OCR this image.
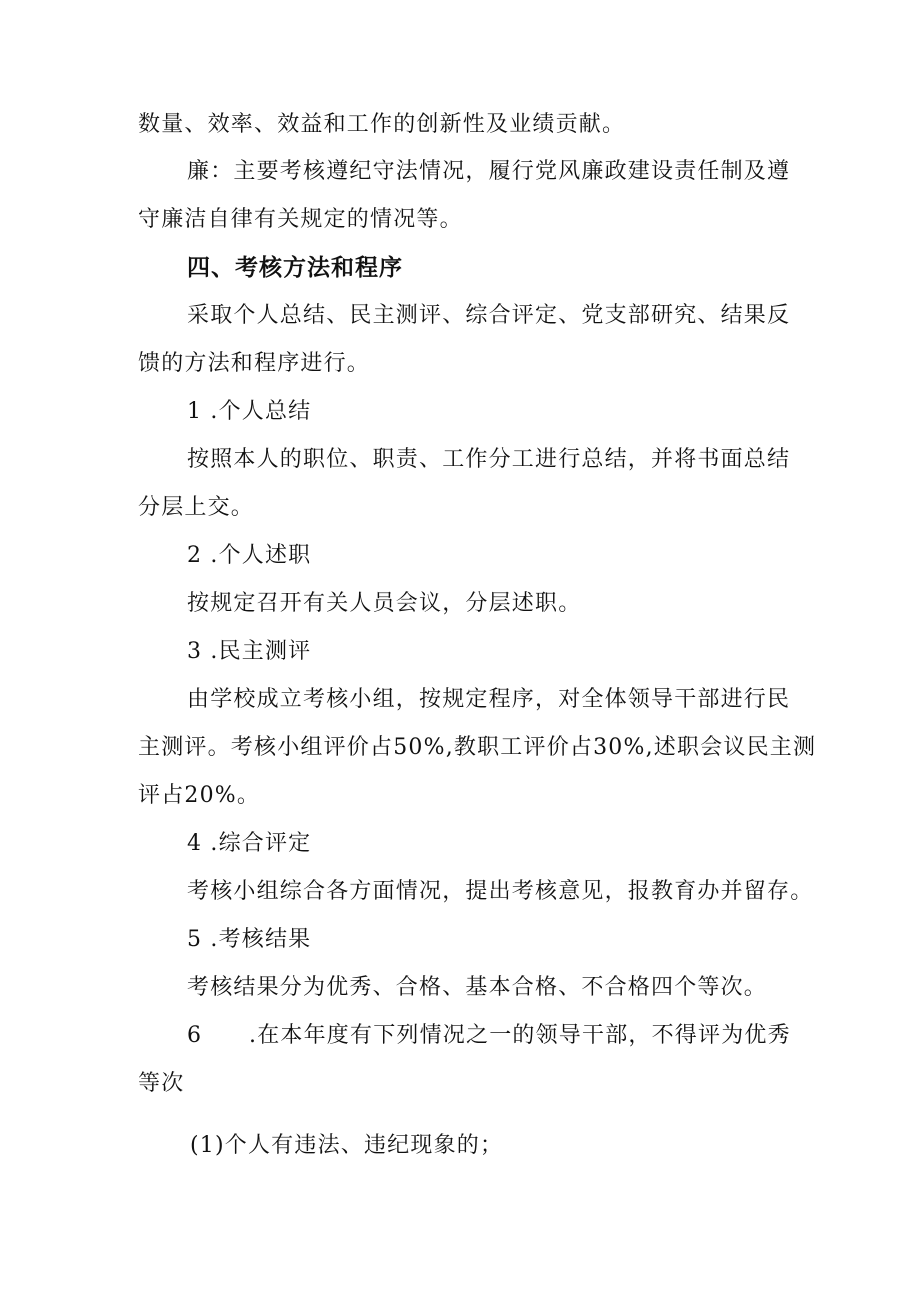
数量、效率、效益和工作的创新性及业绩贡献。
廉：主要考核遵纪守法情况，履行党风廉政建设责任制及遵
守廉洁自律有关规定的情况等。
四、考核方法和程序
采取个人总结、民主测评、综合评定、党支部研究、结果反
馈的方法和程序进行。
1 .个人总结
按照本人的职位、职责、工作分工进行总结，并将书面总结
分层上交。
2 .个人述职
按规定召开有关人员会议，分层述职。
3 .民主测评
由学校成立考核小组，按规定程序，对全体领导干部进行民
主测评。考核小组评价占50%,教职工评价占30%,述职会议民主测
评占20%。
4 .综合评定
考核小组综合各方面情况，提出考核意见，报教育办并留存。
5 .考核结果
考核结果分为优秀、合格、基本合格、不合格四个等次。
6 .在本年度有下列情况之一的领导干部，不得评为优秀
等次
(1)个人有违法、违纪现象的；
